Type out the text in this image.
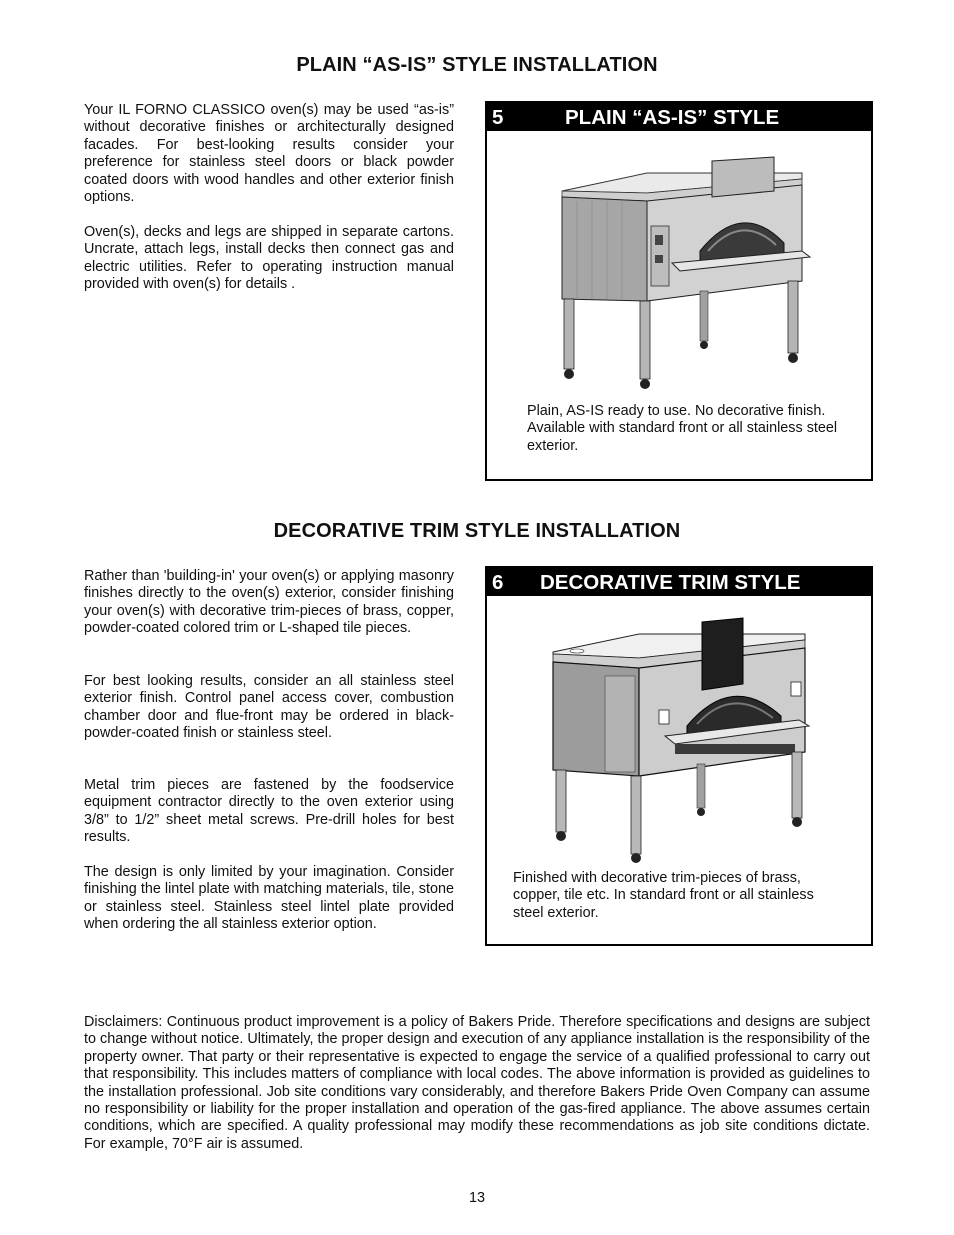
PLAIN “AS-IS” STYLE INSTALLATION

Your IL FORNO CLASSICO oven(s) may be used “as-is” without decorative finishes or architecturally designed facades. For best-looking results consider your preference for stainless steel doors or black powder coated doors with wood handles and other exterior finish options.

Oven(s), decks and legs are shipped in separate cartons. Uncrate, attach legs, install decks then connect gas and electric utilities. Refer to operating instruction manual provided with oven(s) for details .

5	PLAIN “AS-IS” STYLE

Plain, AS-IS ready to use. No decorative finish. Available with standard front or all stainless steel exterior.

DECORATIVE TRIM STYLE INSTALLATION

Rather than 'building-in' your oven(s) or applying masonry finishes directly to the oven(s) exterior, consider finishing your oven(s) with decorative trim-pieces of brass, copper, powder-coated colored trim or L-shaped tile pieces.

For best looking results, consider an all stainless steel exterior finish. Control panel access cover, combustion chamber door and flue-front may be ordered in black-powder-coated finish or stainless steel.

Metal trim pieces are fastened by the foodservice equipment contractor directly to the oven exterior using 3/8” to 1/2” sheet metal screws. Pre-drill holes for best results.

The design is only limited by your imagination. Consider finishing the lintel plate with matching materials, tile, stone or stainless steel. Stainless steel lintel plate provided when ordering the all stainless exterior option.

6 DECORATIVE TRIM STYLE

Finished with decorative trim-pieces of brass, copper, tile etc. In standard front or all stainless steel exterior.

Disclaimers: Continuous product improvement is a policy of Bakers Pride. Therefore specifications and designs are subject to change without notice. Ultimately, the proper design and execution of any appliance installation is the responsibility of the property owner. That party or their representative is expected to engage the service of a qualified professional to carry out that responsibility. This includes matters of compliance with local codes. The above information is provided as guidelines to the installation professional. Job site conditions vary considerably, and therefore Bakers Pride Oven Company can assume no responsibility or liability for the proper installation and operation of the gas-fired appliance. The above assumes certain conditions, which are specified. A quality professional may modify these recommendations as job site conditions dictate. For example, 70°F air is assumed.

13
